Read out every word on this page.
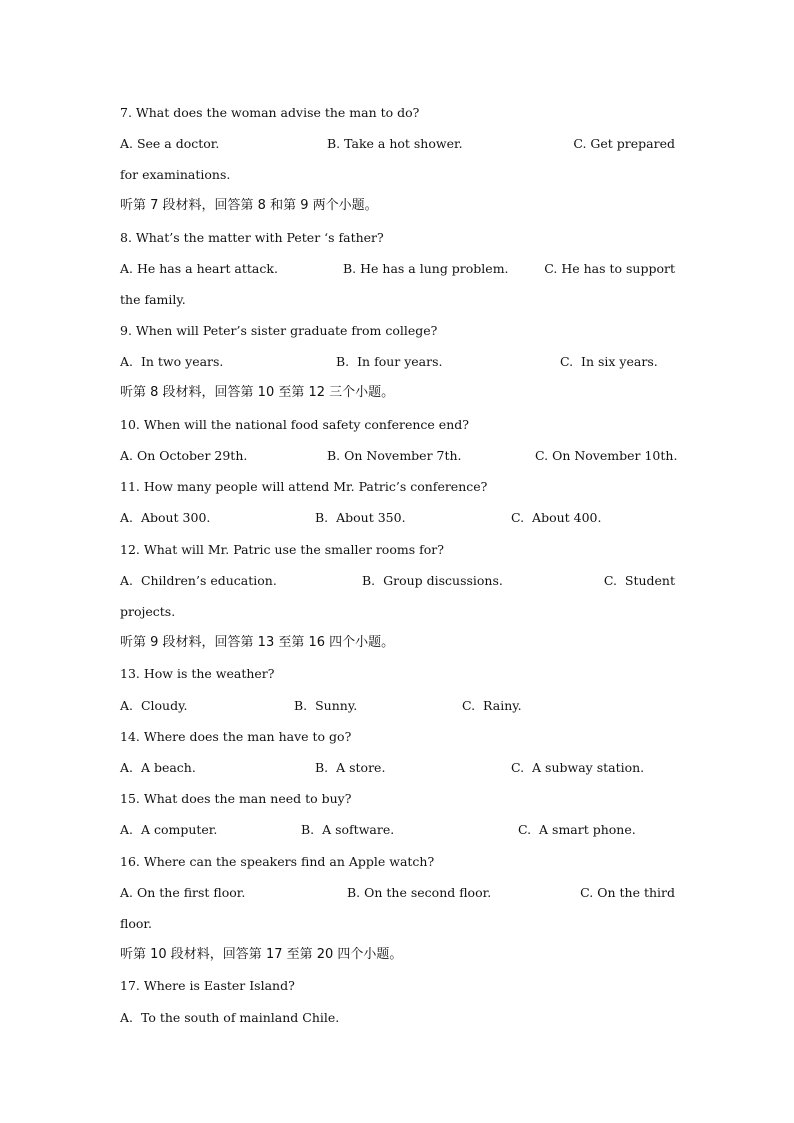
7. What does the woman advise the man to do?

A. See a doctor.

	B. Take a hot shower.

	C. Get prepared

for examinations.
听第 7 段材料，回答第 8 和第 9 两个小题。
8. What’s the matter with Peter ‘s father?

A. He has a heart attack.

	B. He has a lung problem.

	C. He has to support

the family.
9. When will Peter’s sister graduate from college?

A.  In two years.

	B.  In four years.

	C.  In six years.

听第 8 段材料，回答第 10 至第 12 三个小题。
10. When will the national food safety conference end?

A. On October 29th.

	B. On November 7th.

	C. On November 10th.

11. How many people will attend Mr. Patric’s conference?

A.  About 300.

	B.  About 350.

	C.  About 400.

12. What will Mr. Patric use the smaller rooms for?

A.  Children’s education.

	B.  Group discussions.

	C.  Student

projects.
听第 9 段材料，回答第 13 至第 16 四个小题。
13. How is the weather?

A.  Cloudy.

	B.  Sunny.

	C.  Rainy.

14. Where does the man have to go?

A.  A beach.

	B.  A store.

	C.  A subway station.

15. What does the man need to buy?

A.  A computer.

	B.  A software.

	C.  A smart phone.

16. Where can the speakers find an Apple watch?

A. On the first floor.

	B. On the second floor.

	C. On the third

floor.
听第 10 段材料，回答第 17 至第 20 四个小题。
17. Where is Easter Island?
A.  To the south of mainland Chile.
